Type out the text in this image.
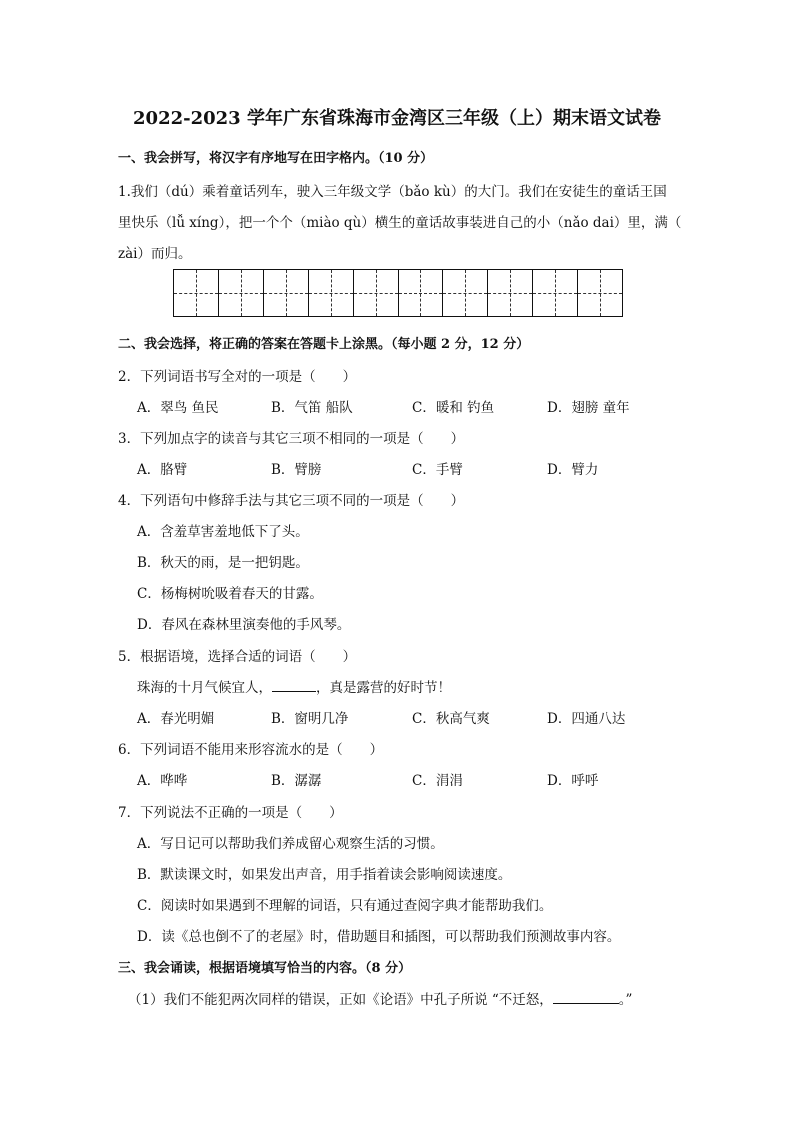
2022-2023 学年广东省珠海市金湾区三年级（上）期末语文试卷
一、我会拼写，将汉字有序地写在田字格内。（10 分）
1.我们（dú）乘着童话列车，驶入三年级文学（bǎo kù）的大门。我们在安徒生的童话王国
里快乐（lǚ xíng），把一个个（miào qù）横生的童话故事装进自己的小（nǎo dai）里，满（
zài）而归。
二、我会选择，将正确的答案在答题卡上涂黑。（每小题 2 分，12 分）
2．下列词语书写全对的一项是（　　）
A．翠鸟 鱼民	B．气笛 船队	C．暖和 钓鱼	D．翅膀 童年
3．下列加点字的读音与其它三项不相同的一项是（　　）
A．胳臂	B．臂膀	C．手臂	D．臂力
4．下列语句中修辞手法与其它三项不同的一项是（　　）
A．含羞草害羞地低下了头。
B．秋天的雨，是一把钥匙。
C．杨梅树吮吸着春天的甘露。
D．春风在森林里演奏他的手风琴。
5．根据语境，选择合适的词语（　　）
珠海的十月气候宜人，	，真是露营的好时节！
A．春光明媚	B．窗明几净	C．秋高气爽	D．四通八达
6．下列词语不能用来形容流水的是（　　）
A．哗哗	B．潺潺	C．涓涓	D．呼呼
7．下列说法不正确的一项是（　　）
A．写日记可以帮助我们养成留心观察生活的习惯。
B．默读课文时，如果发出声音，用手指着读会影响阅读速度。
C．阅读时如果遇到不理解的词语，只有通过查阅字典才能帮助我们。
D．读《总也倒不了的老屋》时，借助题目和插图，可以帮助我们预测故事内容。
三、我会诵读，根据语境填写恰当的内容。（8 分）
（1）我们不能犯两次同样的错误，正如《论语》中孔子所说 “不迁怒，	。”
